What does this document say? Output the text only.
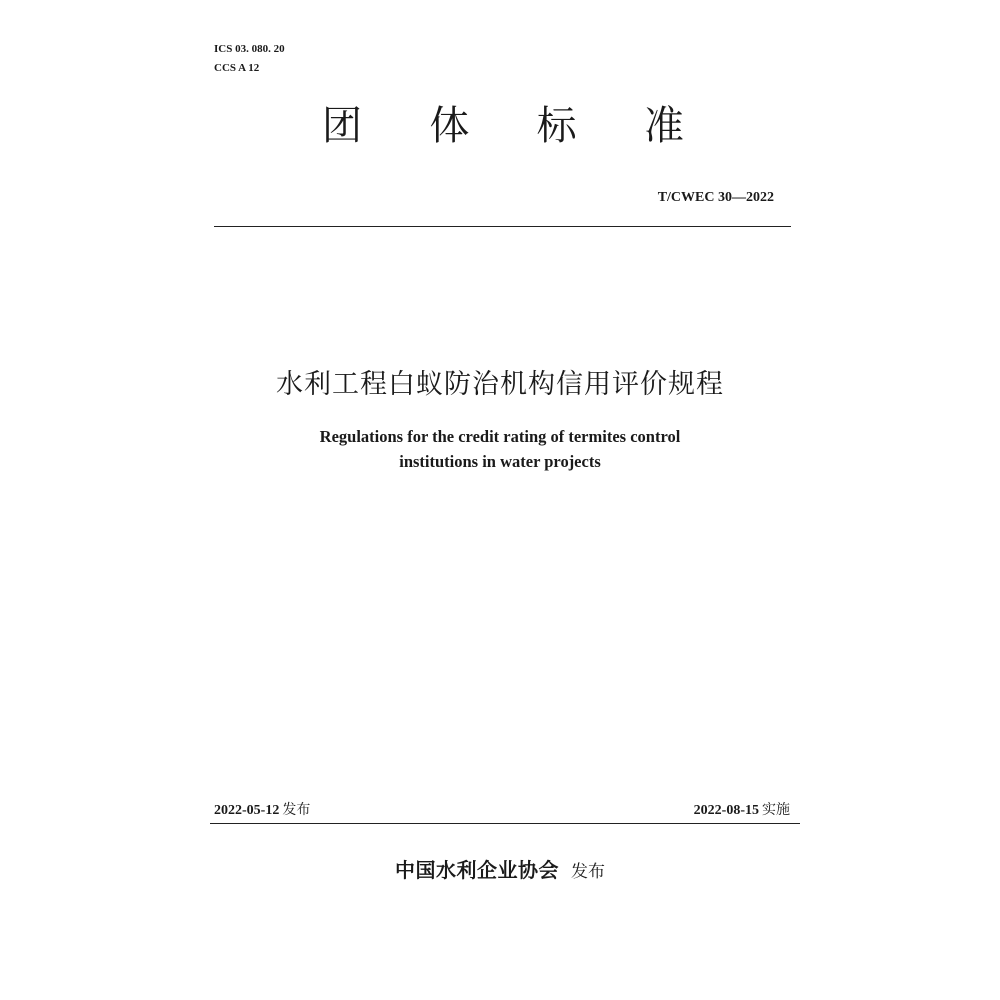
ICS 03. 080. 20
CCS A 12
团 体 标 准
T/CWEC 30—2022
水利工程白蚁防治机构信用评价规程
Regulations for the credit rating of termites control
institutions in water projects
2022-05-12 发布	2022-08-15 实施
中国水利企业协会 发布
